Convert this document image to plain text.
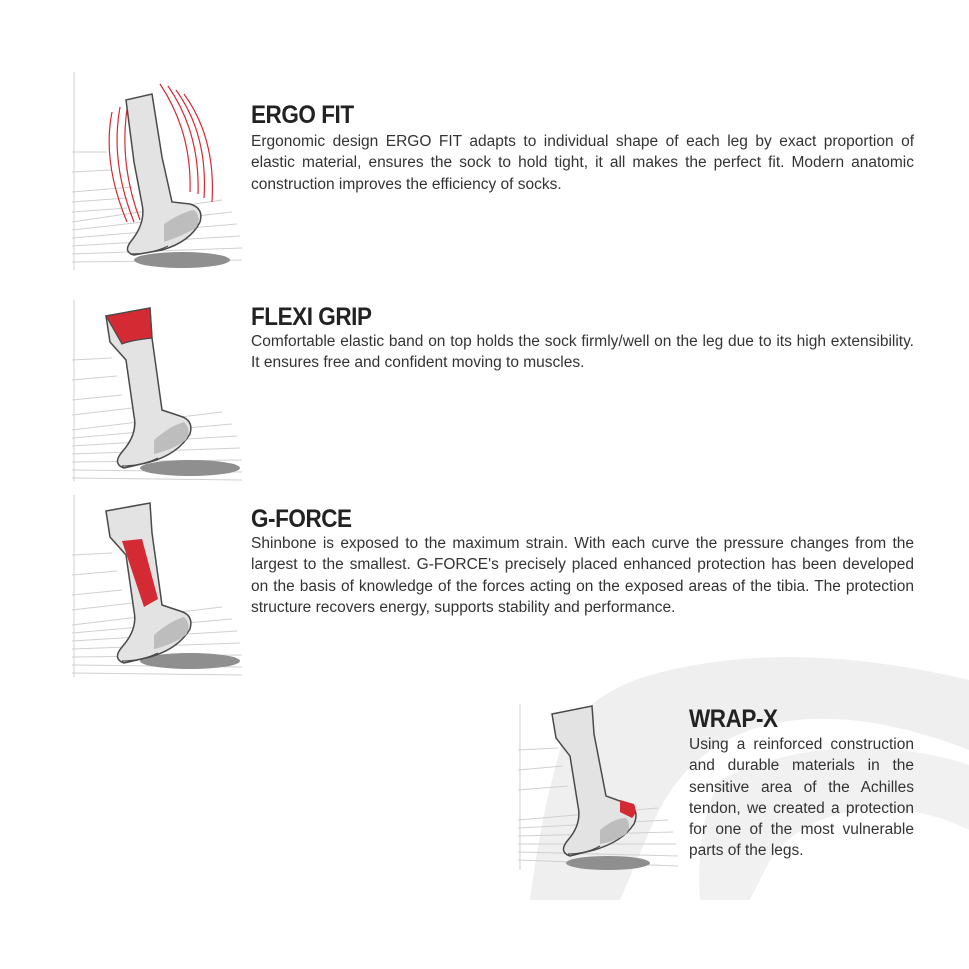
ERGO FIT

Ergonomic design ERGO FIT adapts to individual shape of each leg by exact proportion of elastic material, ensures the sock to hold tight, it all makes the perfect fit. Modern anatomic construction improves the efficiency of socks.

FLEXI GRIP

Comfortable elastic band on top holds the sock firmly/well on the leg due to its high extensibility. It ensures free and confident moving to muscles.

G-FORCE

Shinbone is exposed to the maximum strain. With each curve the pressure changes from the largest to the smallest. G-FORCE's precisely placed enhanced protection has been developed on the basis of knowledge of the forces acting on the exposed areas of the tibia. The protection structure recovers energy, supports stability and performance.

WRAP-X

Using a reinforced construction and durable materials in the sensitive area of the Achilles tendon, we created a protection for one of the most vulnerable parts of the legs.
